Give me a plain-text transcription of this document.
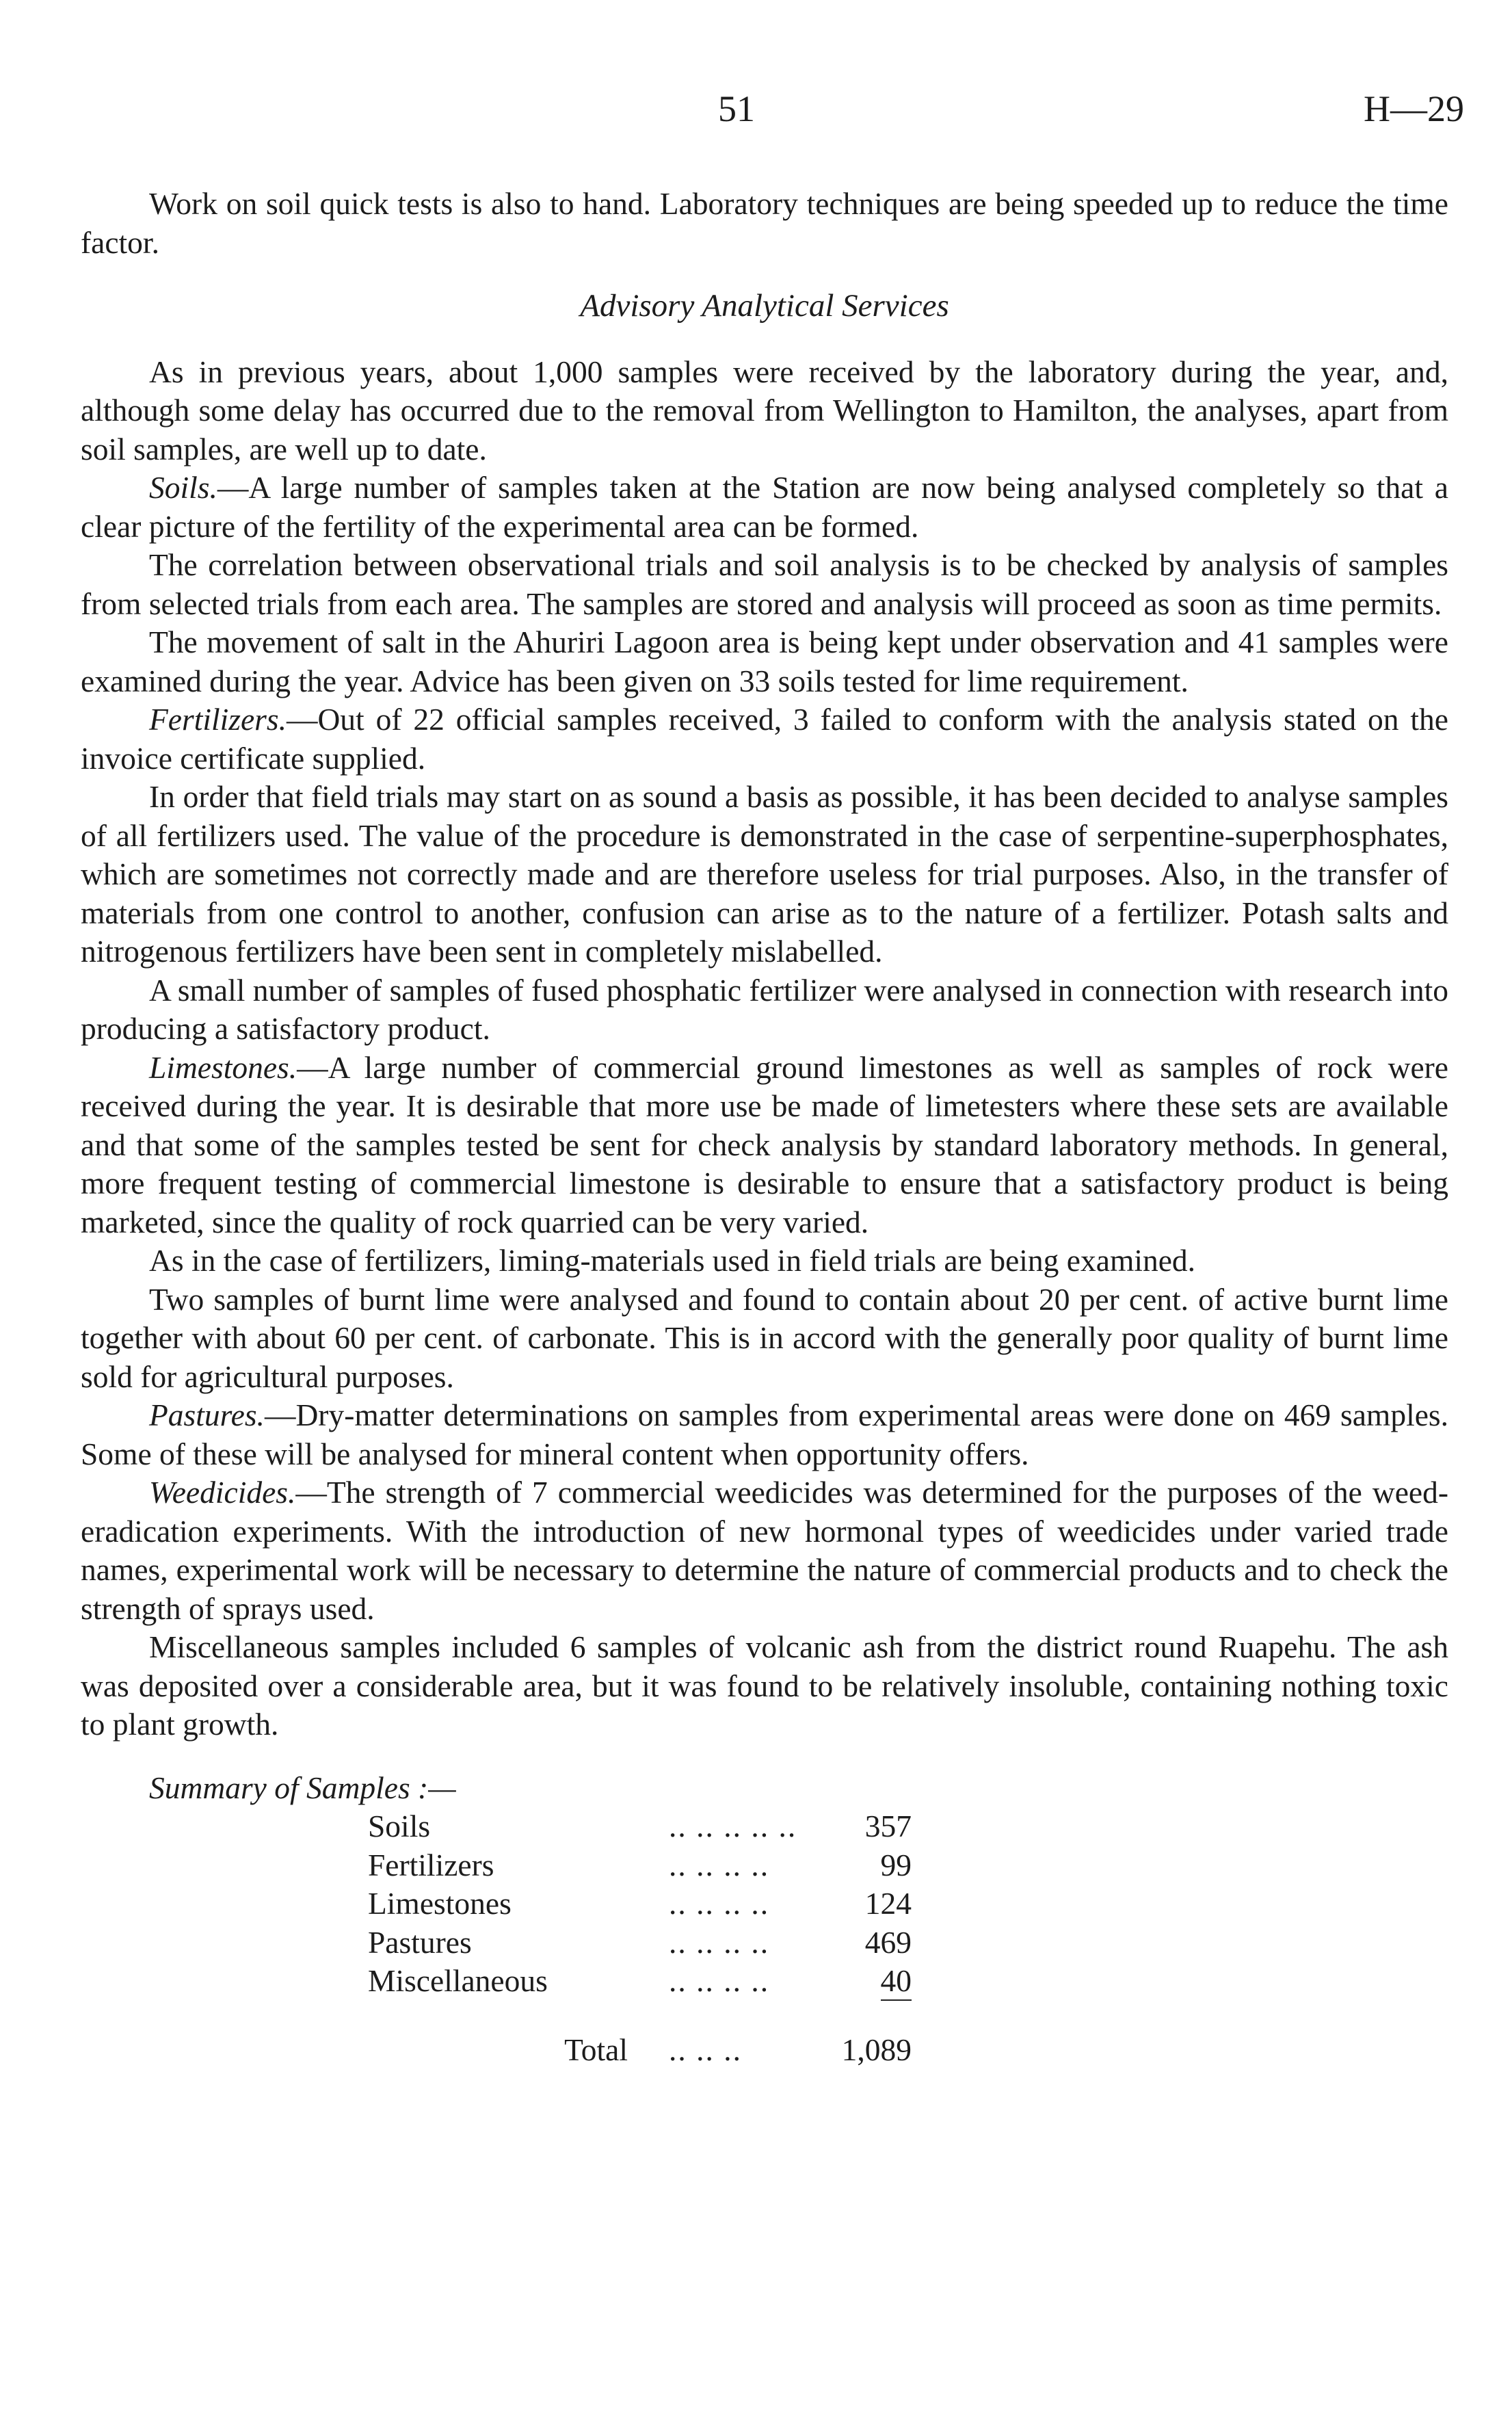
51	H—29

Work on soil quick tests is also to hand. Laboratory techniques are being speeded up to reduce the time factor.

Advisory Analytical Services

As in previous years, about 1,000 samples were received by the laboratory during the year, and, although some delay has occurred due to the removal from Wellington to Hamilton, the analyses, apart from soil samples, are well up to date.

Soils.—A large number of samples taken at the Station are now being analysed completely so that a clear picture of the fertility of the experimental area can be formed.

The correlation between observational trials and soil analysis is to be checked by analysis of samples from selected trials from each area. The samples are stored and analysis will proceed as soon as time permits.

The movement of salt in the Ahuriri Lagoon area is being kept under observation and 41 samples were examined during the year. Advice has been given on 33 soils tested for lime requirement.

Fertilizers.—Out of 22 official samples received, 3 failed to conform with the analysis stated on the invoice certificate supplied.

In order that field trials may start on as sound a basis as possible, it has been decided to analyse samples of all fertilizers used. The value of the procedure is demonstrated in the case of serpentine-superphosphates, which are sometimes not correctly made and are therefore useless for trial purposes. Also, in the transfer of materials from one control to another, confusion can arise as to the nature of a fertilizer. Potash salts and nitrogenous fertilizers have been sent in completely mislabelled.

A small number of samples of fused phosphatic fertilizer were analysed in connection with research into producing a satisfactory product.

Limestones.—A large number of commercial ground limestones as well as samples of rock were received during the year. It is desirable that more use be made of limetesters where these sets are available and that some of the samples tested be sent for check analysis by standard laboratory methods. In general, more frequent testing of commercial limestone is desirable to ensure that a satisfactory product is being marketed, since the quality of rock quarried can be very varied.

As in the case of fertilizers, liming-materials used in field trials are being examined.

Two samples of burnt lime were analysed and found to contain about 20 per cent. of active burnt lime together with about 60 per cent. of carbonate. This is in accord with the generally poor quality of burnt lime sold for agricultural purposes.

Pastures.—Dry-matter determinations on samples from experimental areas were done on 469 samples. Some of these will be analysed for mineral content when opportunity offers.

Weedicides.—The strength of 7 commercial weedicides was determined for the purposes of the weed-eradication experiments. With the introduction of new hormonal types of weedicides under varied trade names, experimental work will be necessary to determine the nature of commercial products and to check the strength of sprays used.

Miscellaneous samples included 6 samples of volcanic ash from the district round Ruapehu. The ash was deposited over a considerable area, but it was found to be relatively insoluble, containing nothing toxic to plant growth.

Summary of Samples :—

Soils	.. .. .. .. ..	357
Fertilizers	.. .. .. ..	99
Limestones	.. .. .. ..	124
Pastures	.. .. .. ..	469
Miscellaneous	.. .. .. ..	40
Total	.. .. ..	1,089
